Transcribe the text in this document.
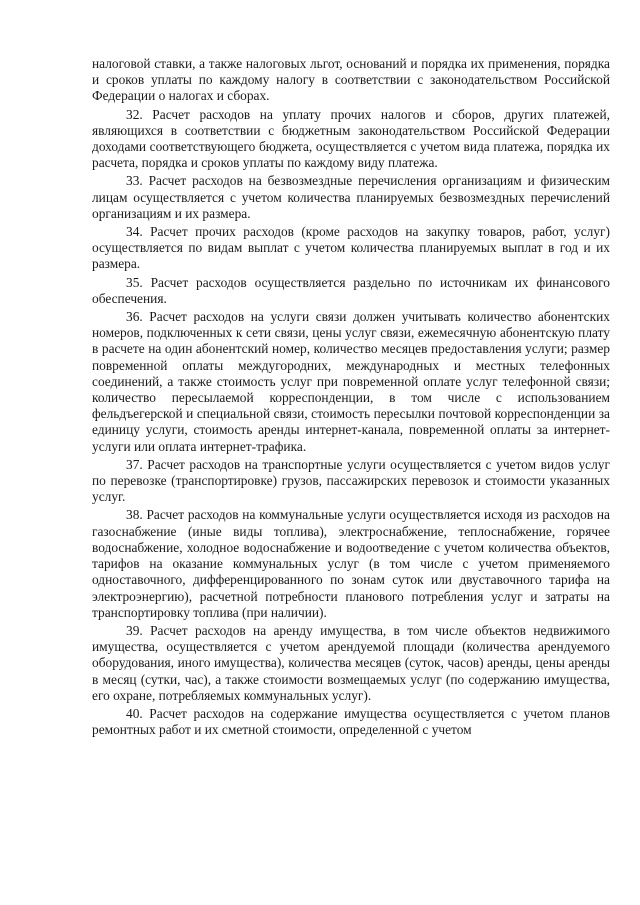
налоговой ставки, а также налоговых льгот, оснований и порядка их применения, порядка и сроков уплаты по каждому налогу в соответствии с законодательством Российской Федерации о налогах и сборах.

32. Расчет расходов на уплату прочих налогов и сборов, других платежей, являющихся в соответствии с бюджетным законодательством Российской Федерации доходами соответствующего бюджета, осуществляется с учетом вида платежа, порядка их расчета, порядка и сроков уплаты по каждому виду платежа.

33. Расчет расходов на безвозмездные перечисления организациям и физическим лицам осуществляется с учетом количества планируемых безвозмездных перечислений организациям и их размера.

34. Расчет прочих расходов (кроме расходов на закупку товаров, работ, услуг) осуществляется по видам выплат с учетом количества планируемых выплат в год и их размера.

35. Расчет расходов осуществляется раздельно по источникам их финансового обеспечения.

36. Расчет расходов на услуги связи должен учитывать количество абонентских номеров, подключенных к сети связи, цены услуг связи, ежемесячную абонентскую плату в расчете на один абонентский номер, количество месяцев предоставления услуги; размер повременной оплаты междугородних, международных и местных телефонных соединений, а также стоимость услуг при повременной оплате услуг телефонной связи; количество пересылаемой корреспонденции, в том числе с использованием фельдъегерской и специальной связи, стоимость пересылки почтовой корреспонденции за единицу услуги, стоимость аренды интернет-канала, повременной оплаты за интернет-услуги или оплата интернет-трафика.

37. Расчет расходов на транспортные услуги осуществляется с учетом видов услуг по перевозке (транспортировке) грузов, пассажирских перевозок и стоимости указанных услуг.

38. Расчет расходов на коммунальные услуги осуществляется исходя из расходов на газоснабжение (иные виды топлива), электроснабжение, теплоснабжение, горячее водоснабжение, холодное водоснабжение и водоотведение с учетом количества объектов, тарифов на оказание коммунальных услуг (в том числе с учетом применяемого одноставочного, дифференцированного по зонам суток или двуставочного тарифа на электроэнергию), расчетной потребности планового потребления услуг и затраты на транспортировку топлива (при наличии).

39. Расчет расходов на аренду имущества, в том числе объектов недвижимого имущества, осуществляется с учетом арендуемой площади (количества арендуемого оборудования, иного имущества), количества месяцев (суток, часов) аренды, цены аренды в месяц (сутки, час), а также стоимости возмещаемых услуг (по содержанию имущества, его охране, потребляемых коммунальных услуг).

40. Расчет расходов на содержание имущества осуществляется с учетом планов ремонтных работ и их сметной стоимости, определенной с учетом
